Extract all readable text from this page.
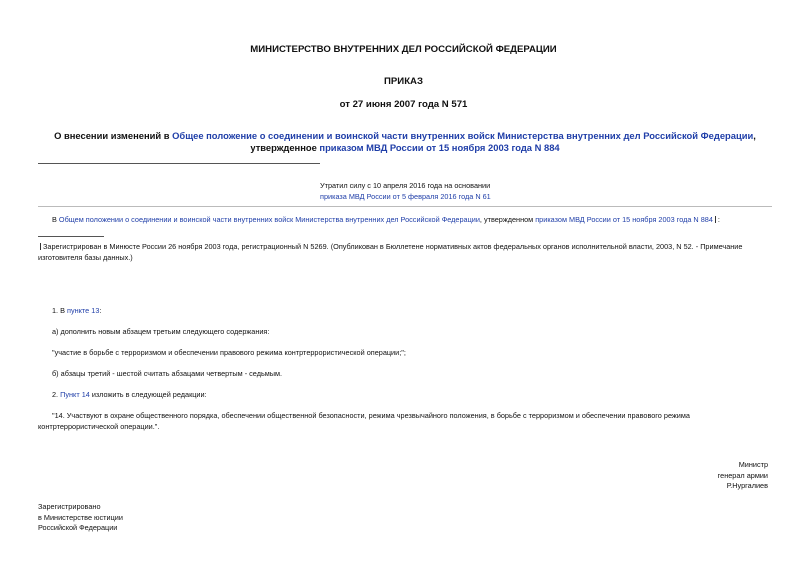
МИНИСТЕРСТВО ВНУТРЕННИХ ДЕЛ РОССИЙСКОЙ ФЕДЕРАЦИИ
ПРИКАЗ
от 27 июня 2007 года N 571
О внесении изменений в Общее положение о соединении и воинской части внутренних войск Министерства внутренних дел Российской Федерации, утвержденное приказом МВД России от 15 ноября 2003 года N 884
Утратил силу с 10 апреля 2016 года на основании
приказа МВД России от 5 февраля 2016 года N 61
В Общем положении о соединении и воинской части внутренних войск Министерства внутренних дел Российской Федерации, утвержденном приказом МВД России от 15 ноября 2003 года N 884 :
Зарегистрирован в Минюсте России 26 ноября 2003 года, регистрационный N 5269. (Опубликован в Бюллетене нормативных актов федеральных органов исполнительной власти, 2003, N 52. - Примечание изготовителя базы данных.)
1. В пункте 13:
а) дополнить новым абзацем третьим следующего содержания:
"участие в борьбе с терроризмом и обеспечении правового режима контртеррористической операции;";
б) абзацы третий - шестой считать абзацами четвертым - седьмым.
2. Пункт 14 изложить в следующей редакции:
"14. Участвуют в охране общественного порядка, обеспечении общественной безопасности, режима чрезвычайного положения, в борьбе с терроризмом и обеспечении правового режима контртеррористической операции.".
Министр
генерал армии
Р.Нургалиев
Зарегистрировано
в Министерстве юстиции
Российской Федерации
